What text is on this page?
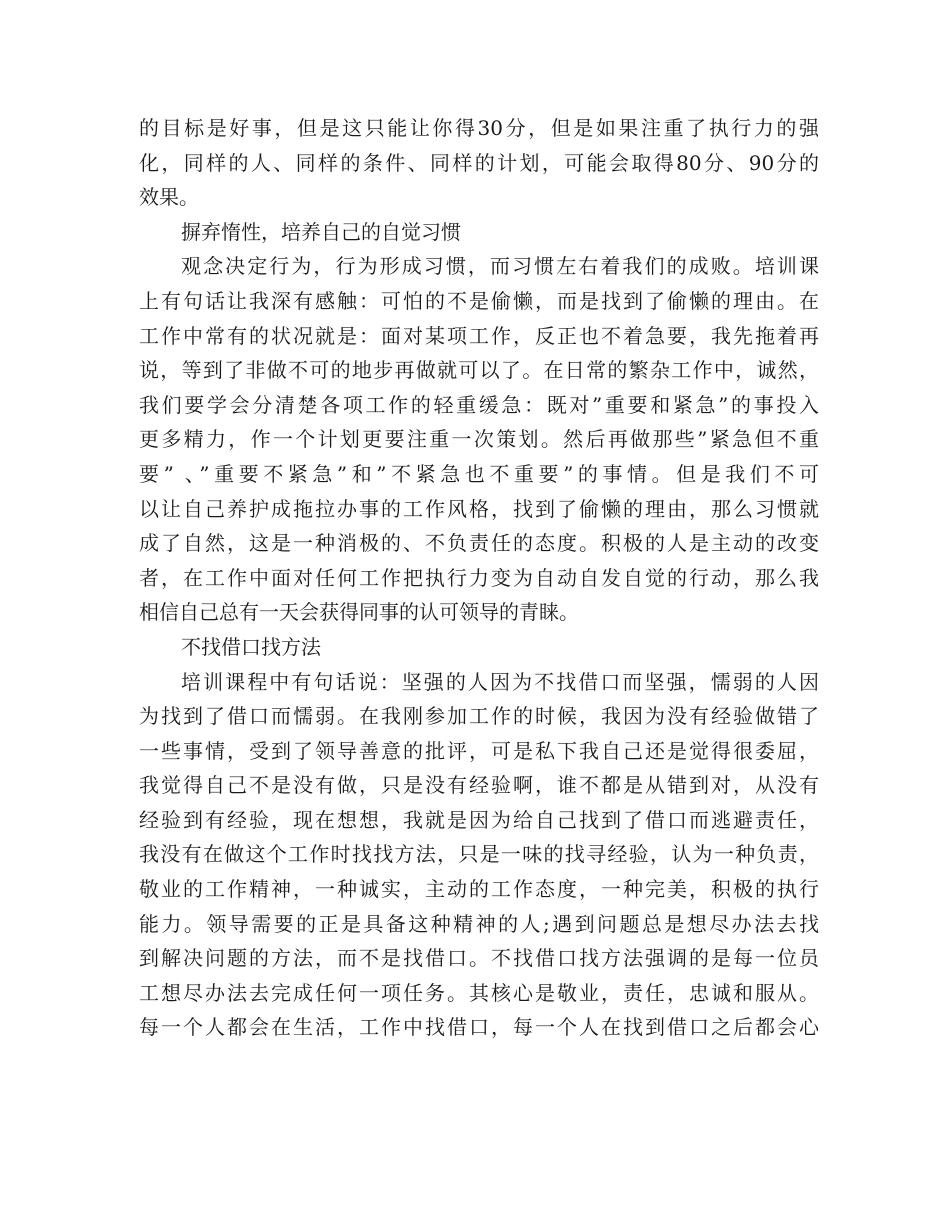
的目标是好事，但是这只能让你得30分，但是如果注重了执行力的强
化，同样的人、同样的条件、同样的计划，可能会取得80分、90分的
效果。
摒弃惰性，培养自己的自觉习惯
观念决定行为，行为形成习惯，而习惯左右着我们的成败。培训课
上有句话让我深有感触：可怕的不是偷懒，而是找到了偷懒的理由。在
工作中常有的状况就是：面对某项工作，反正也不着急要，我先拖着再
说，等到了非做不可的地步再做就可以了。在日常的繁杂工作中，诚然，
我们要学会分清楚各项工作的轻重缓急：既对”重要和紧急”的事投入
更多精力，作一个计划更要注重一次策划。然后再做那些”紧急但不重
要” 、”重要不紧急”和”不紧急也不重要”的事情。但是我们不可
以让自己养护成拖拉办事的工作风格，找到了偷懒的理由，那么习惯就
成了自然，这是一种消极的、不负责任的态度。积极的人是主动的改变
者，在工作中面对任何工作把执行力变为自动自发自觉的行动，那么我
相信自己总有一天会获得同事的认可领导的青睐。
不找借口找方法
培训课程中有句话说：坚强的人因为不找借口而坚强，懦弱的人因
为找到了借口而懦弱。在我刚参加工作的时候，我因为没有经验做错了
一些事情，受到了领导善意的批评，可是私下我自己还是觉得很委屈，
我觉得自己不是没有做，只是没有经验啊，谁不都是从错到对，从没有
经验到有经验，现在想想，我就是因为给自己找到了借口而逃避责任，
我没有在做这个工作时找找方法，只是一味的找寻经验，认为一种负责，
敬业的工作精神，一种诚实，主动的工作态度，一种完美，积极的执行
能力。领导需要的正是具备这种精神的人;遇到问题总是想尽办法去找
到解决问题的方法，而不是找借口。不找借口找方法强调的是每一位员
工想尽办法去完成任何一项任务。其核心是敬业，责任，忠诚和服从。
每一个人都会在生活，工作中找借口，每一个人在找到借口之后都会心
